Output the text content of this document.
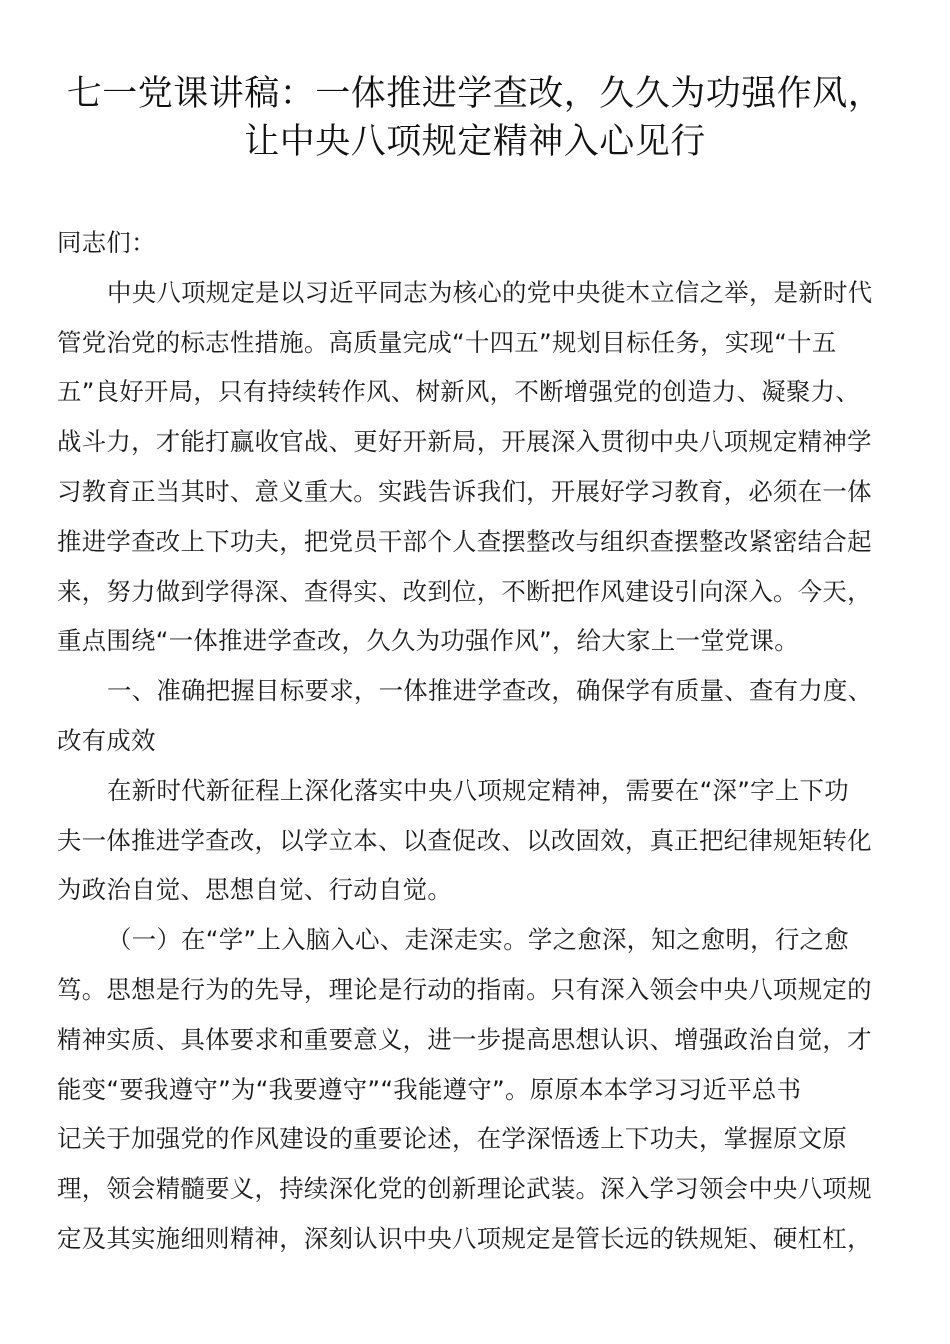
七一党课讲稿：一体推进学查改，久久为功强作风，
让中央八项规定精神入心见行
同志们：
中央八项规定是以习近平同志为核心的党中央徙木立信之举，是新时代
管党治党的标志性措施。高质量完成“十四五”规划目标任务，实现“十五
五”良好开局，只有持续转作风、树新风，不断增强党的创造力、凝聚力、
战斗力，才能打赢收官战、更好开新局，开展深入贯彻中央八项规定精神学
习教育正当其时、意义重大。实践告诉我们，开展好学习教育，必须在一体
推进学查改上下功夫，把党员干部个人查摆整改与组织查摆整改紧密结合起
来，努力做到学得深、查得实、改到位，不断把作风建设引向深入。今天，
重点围绕“一体推进学查改，久久为功强作风”，给大家上一堂党课。
一、准确把握目标要求，一体推进学查改，确保学有质量、查有力度、
改有成效
在新时代新征程上深化落实中央八项规定精神，需要在“深”字上下功
夫一体推进学查改，以学立本、以查促改、以改固效，真正把纪律规矩转化
为政治自觉、思想自觉、行动自觉。
（一）在“学”上入脑入心、走深走实。学之愈深，知之愈明，行之愈
笃。思想是行为的先导，理论是行动的指南。只有深入领会中央八项规定的
精神实质、具体要求和重要意义，进一步提高思想认识、增强政治自觉，才
能变“要我遵守”为“我要遵守”“我能遵守”。原原本本学习习近平总书
记关于加强党的作风建设的重要论述，在学深悟透上下功夫，掌握原文原
理，领会精髓要义，持续深化党的创新理论武装。深入学习领会中央八项规
定及其实施细则精神，深刻认识中央八项规定是管长远的铁规矩、硬杠杠，
